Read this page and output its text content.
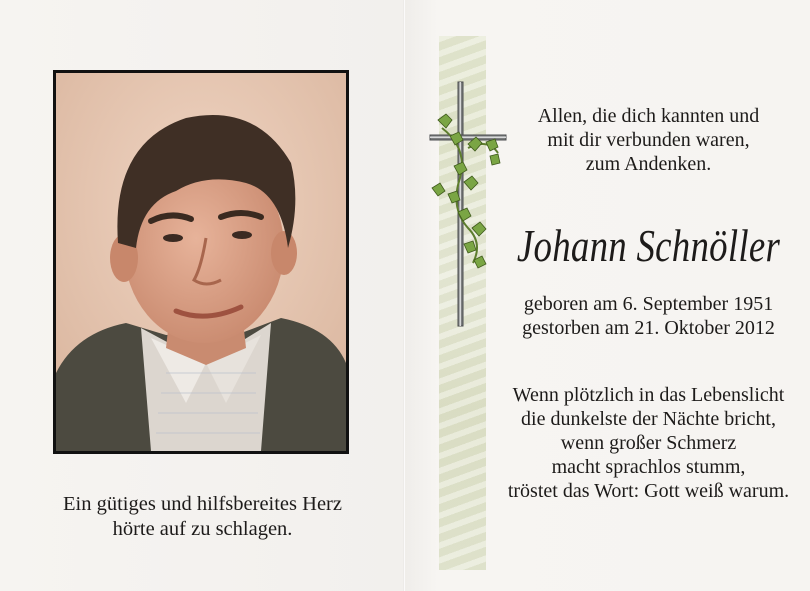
Ein gütiges und hilfsbereites Herz
hörte auf zu schlagen.
Allen, die dich kannten und
mit dir verbunden waren,
zum Andenken.
Johann Schnöller
geboren am 6. September 1951
gestorben am 21. Oktober 2012
Wenn plötzlich in das Lebenslicht
die dunkelste der Nächte bricht,
wenn großer Schmerz
macht sprachlos stumm,
tröstet das Wort: Gott weiß warum.
